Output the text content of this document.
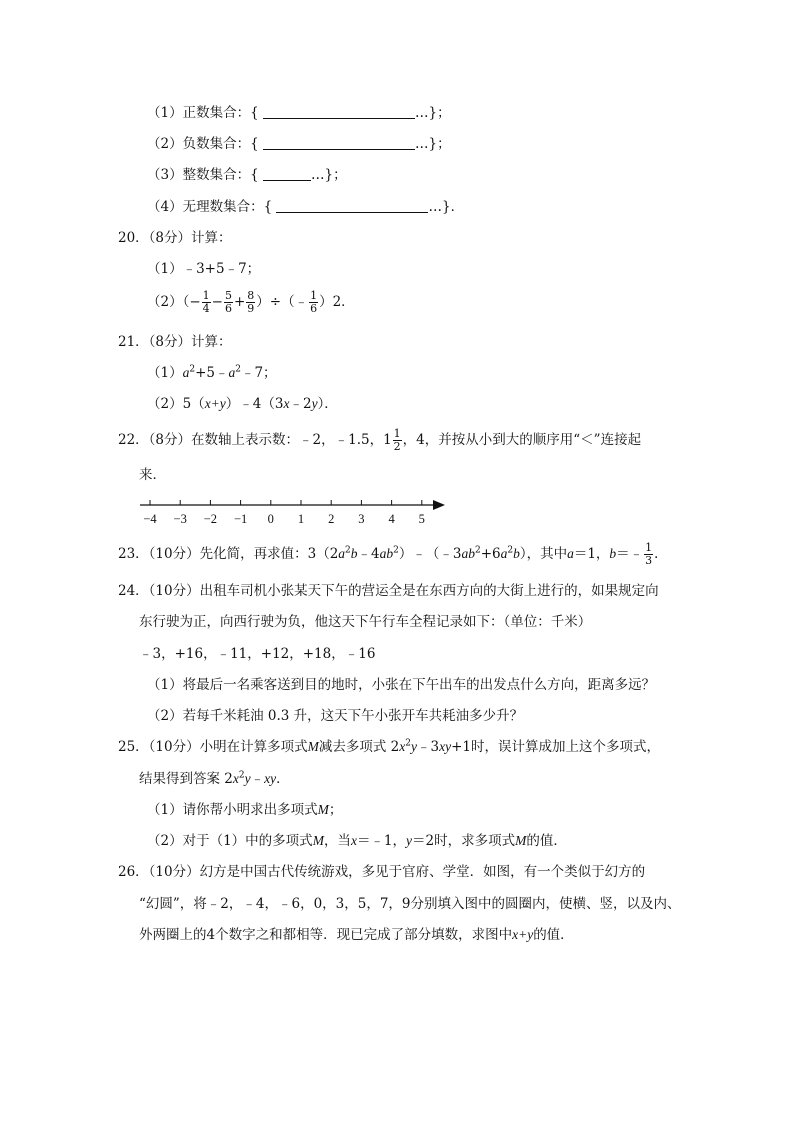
（1）正数集合：{	…}；
（2）负数集合：{	…}；
（3）整数集合：{	…}；
（4）无理数集合：{	…}．
20．（8分）计算：
（1）﹣3+5﹣7；
$(2)(- \frac{1}{4} - \frac{5}{6} + \frac{8}{9}$ ）÷（﹣ $\frac{1}{6} )2$．
21．（8分）计算：
$(1)a^2+5﹣a^2﹣7$；
（2）5（x+y）﹣4（3x﹣2y）．
22．（8分）在数轴上表示数：﹣2，﹣1.5，$1 \frac{1}{2}$ ，4，并按从小到大的顺序用“＜”连接起
来．
−4 −3 −2 −1 0 1 2 3 4 5
23．（10分）先化简，再求值：$3(2a^2b﹣4ab^2)﹣(﹣3ab^2+6a^2b)$，其中a＝1，b＝﹣ $\frac{1}{3}$ ．
24．（10分）出租车司机小张某天下午的营运全是在东西方向的大街上进行的，如果规定向
东行驶为正，向西行驶为负，他这天下午行车全程记录如下：（单位：千米）
﹣3，+16，﹣11，+12，+18，﹣16
（1）将最后一名乘客送到目的地时，小张在下午出车的出发点什么方向，距离多远？
（2）若每千米耗油 0.3 升，这天下午小张开车共耗油多少升？
25．（10分）小明在计算多项式M减去多项式 $2x^2y﹣3xy+1$时，误计算成加上这个多项式，
结果得到答案 $2x^2y﹣xy$．
（1）请你帮小明求出多项式M；
（2）对于（1）中的多项式M，当x＝﹣1，y＝2时，求多项式M的值．
26．（10分）幻方是中国古代传统游戏，多见于官府、学堂．如图，有一个类似于幻方的
“幻圆”，将﹣2，﹣4，﹣6，0，3，5，7，9分别填入图中的圆圈内，使横、竖，以及内、
外两圈上的4个数字之和都相等．现已完成了部分填数，求图中x+y的值．
